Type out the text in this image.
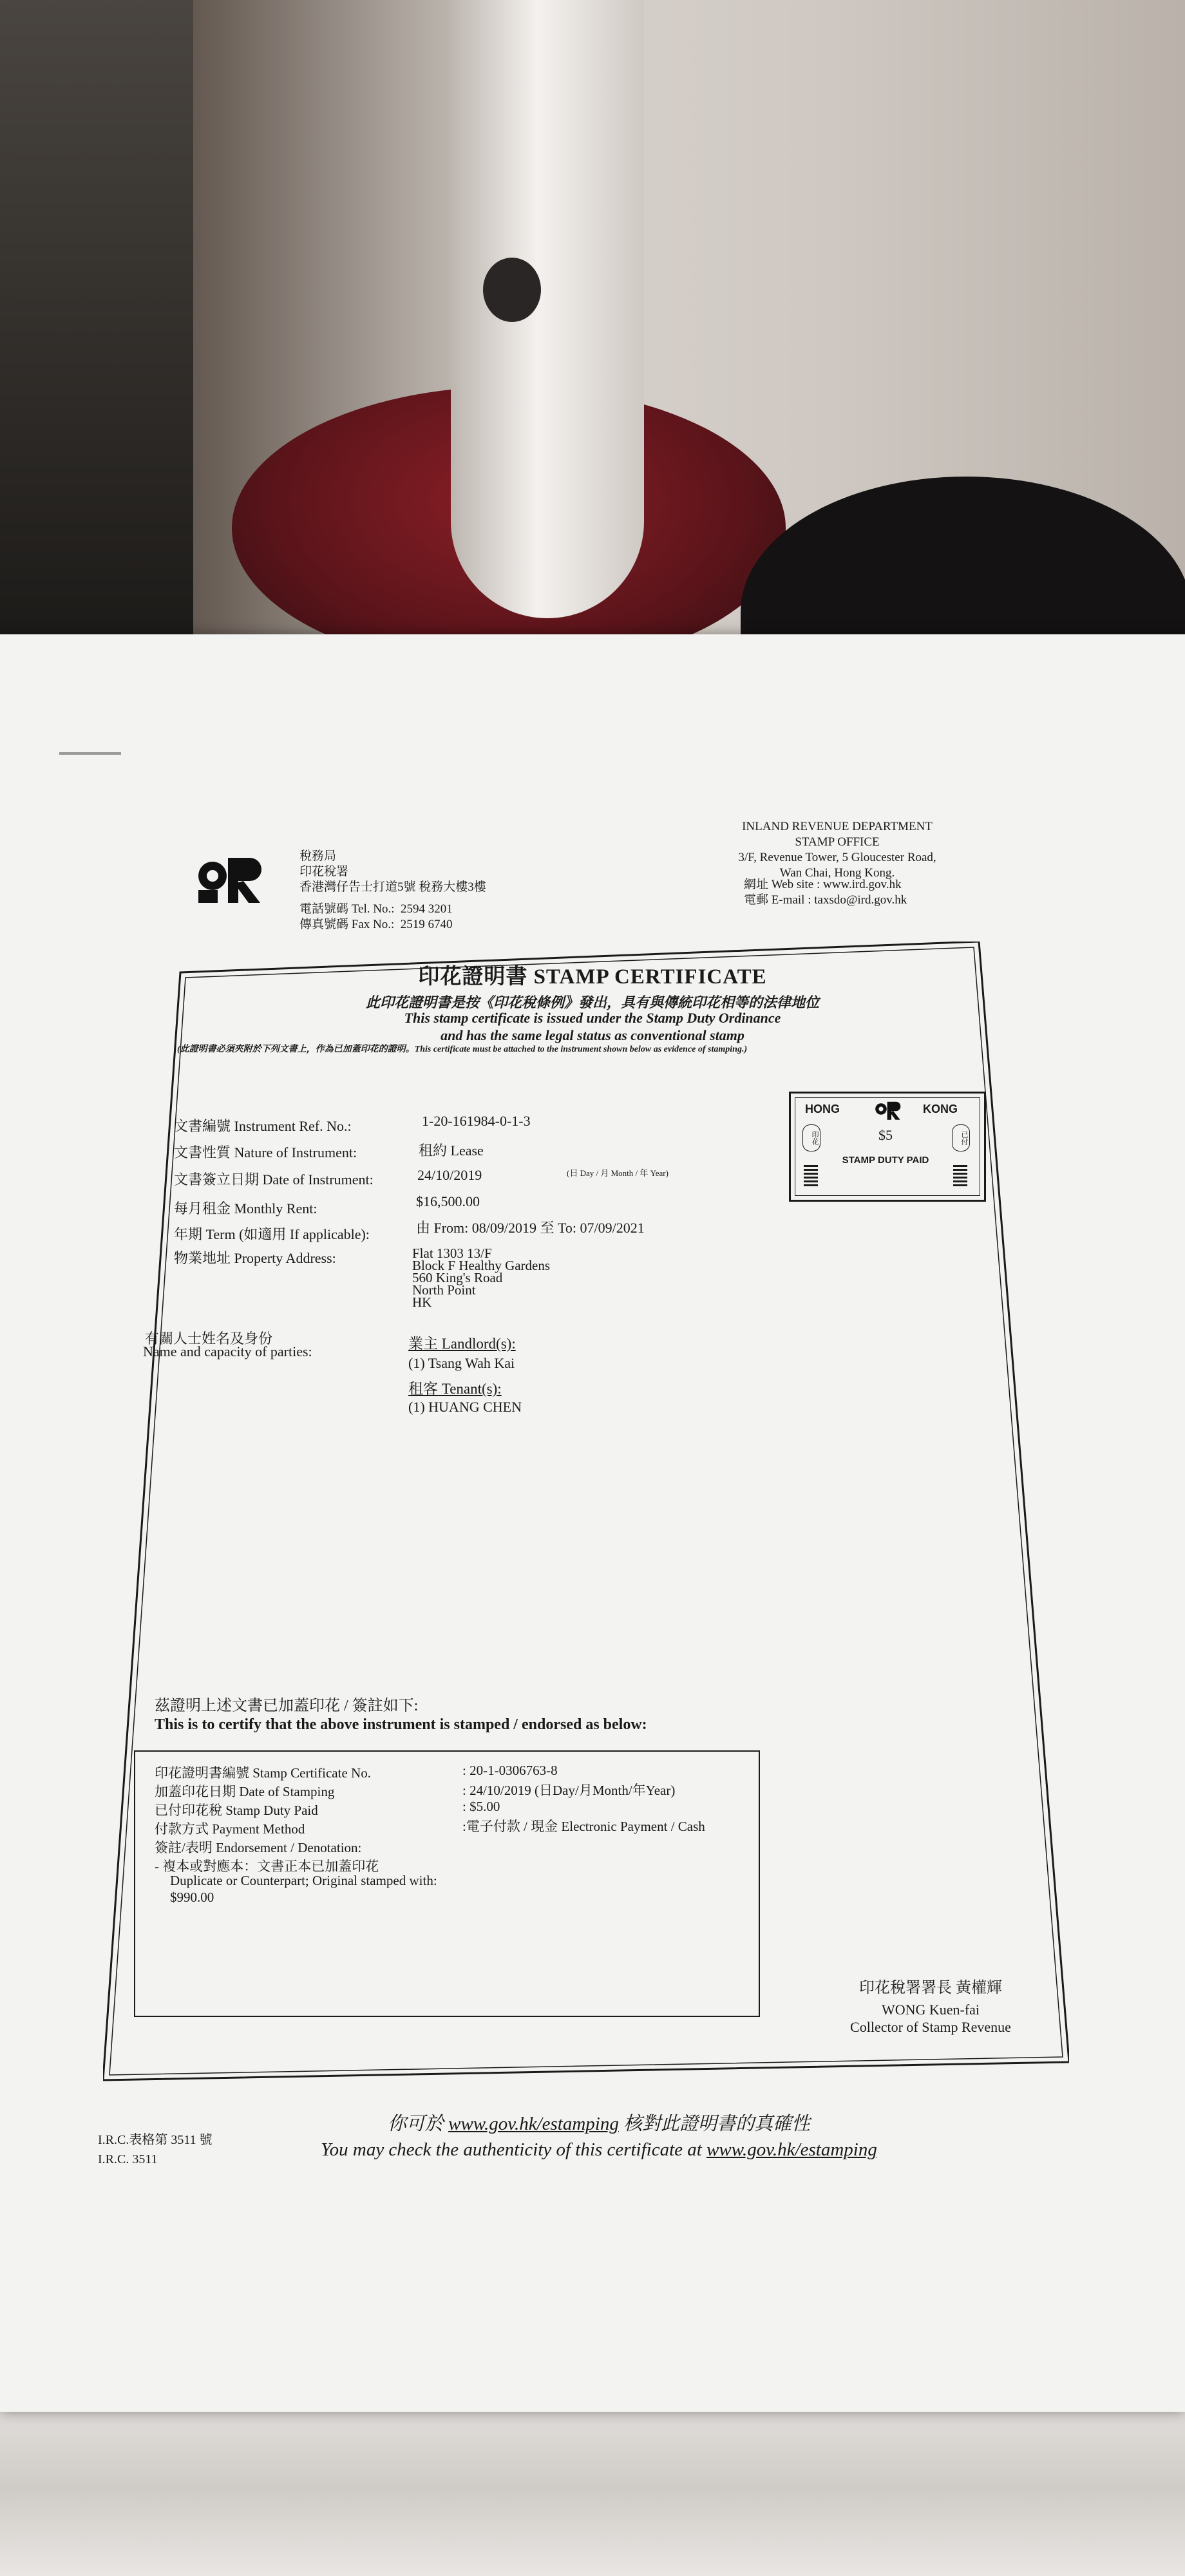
稅務局
印花稅署
香港灣仔告士打道5號 稅務大樓3樓
電話號碼 Tel. No.: 2594 3201
傳真號碼 Fax No.: 2519 6740
INLAND REVENUE DEPARTMENT
STAMP OFFICE
3/F, Revenue Tower, 5 Gloucester Road,
Wan Chai, Hong Kong.
網址 Web site : www.ird.gov.hk
電郵 E-mail : taxsdo@ird.gov.hk
印花證明書 STAMP CERTIFICATE
此印花證明書是按《印花稅條例》發出，具有與傳統印花相等的法律地位
This stamp certificate is issued under the Stamp Duty Ordinance
and has the same legal status as conventional stamp
(此證明書必須夾附於下列文書上，作為已加蓋印花的證明。This certificate must be attached to the instrument shown below as evidence of stamping.)
文書編號 Instrument Ref. No.:	1-20-161984-0-1-3
文書性質 Nature of Instrument:	租約 Lease
文書簽立日期 Date of Instrument:	24/10/2019	(日 Day / 月 Month / 年 Year)
每月租金 Monthly Rent:	$16,500.00
年期 Term (如適用 If applicable):	由 From: 08/09/2019 至 To: 07/09/2021
物業地址 Property Address:	Flat 1303 13/F
Block F Healthy Gardens
560 King's Road
North Point
HK
有關人士姓名及身份
Name and capacity of parties:	業主 Landlord(s):
(1) Tsang Wah Kai
租客 Tenant(s):
(1) HUANG CHEN
HONG	KONG
$5
STAMP DUTY PAID
印花	已付
茲證明上述文書已加蓋印花 / 簽註如下:
This is to certify that the above instrument is stamped / endorsed as below:
印花證明書編號 Stamp Certificate No.	: 20-1-0306763-8
加蓋印花日期 Date of Stamping	: 24/10/2019 (日Day/月Month/年Year)
已付印花稅 Stamp Duty Paid	: $5.00
付款方式 Payment Method	:電子付款 / 現金 Electronic Payment / Cash
簽註/表明 Endorsement / Denotation:
- 複本或對應本：文書正本已加蓋印花
Duplicate or Counterpart; Original stamped with:
$990.00
印花稅署署長 黃權輝
WONG Kuen-fai
Collector of Stamp Revenue
I.R.C.表格第 3511 號
I.R.C. 3511
你可於 www.gov.hk/estamping 核對此證明書的真確性
You may check the authenticity of this certificate at www.gov.hk/estamping
